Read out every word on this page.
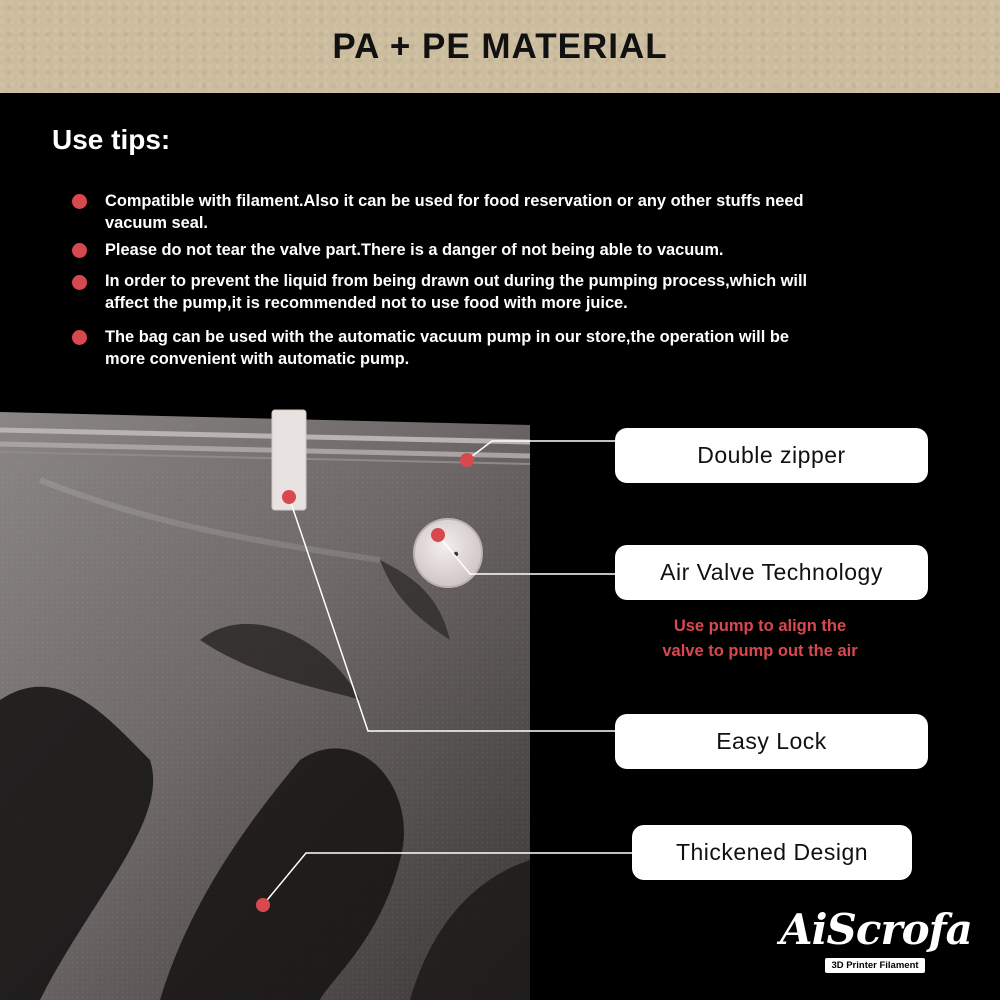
PA + PE MATERIAL
Use tips:
Compatible with filament.Also it can be used for food reservation or any other stuffs need
vacuum seal.
Please do not tear the valve part.There is a danger of not being able to vacuum.
In order to prevent the liquid from being drawn out during the pumping process,which will
affect the pump,it is recommended not to use food with more juice.
The bag can be used with the automatic vacuum pump in our store,the operation will be
more convenient with automatic pump.
Double zipper
Air Valve Technology
Use pump to align the
valve to pump out the air
Easy Lock
Thickened Design
AiScrofa
3D Printer Filament
